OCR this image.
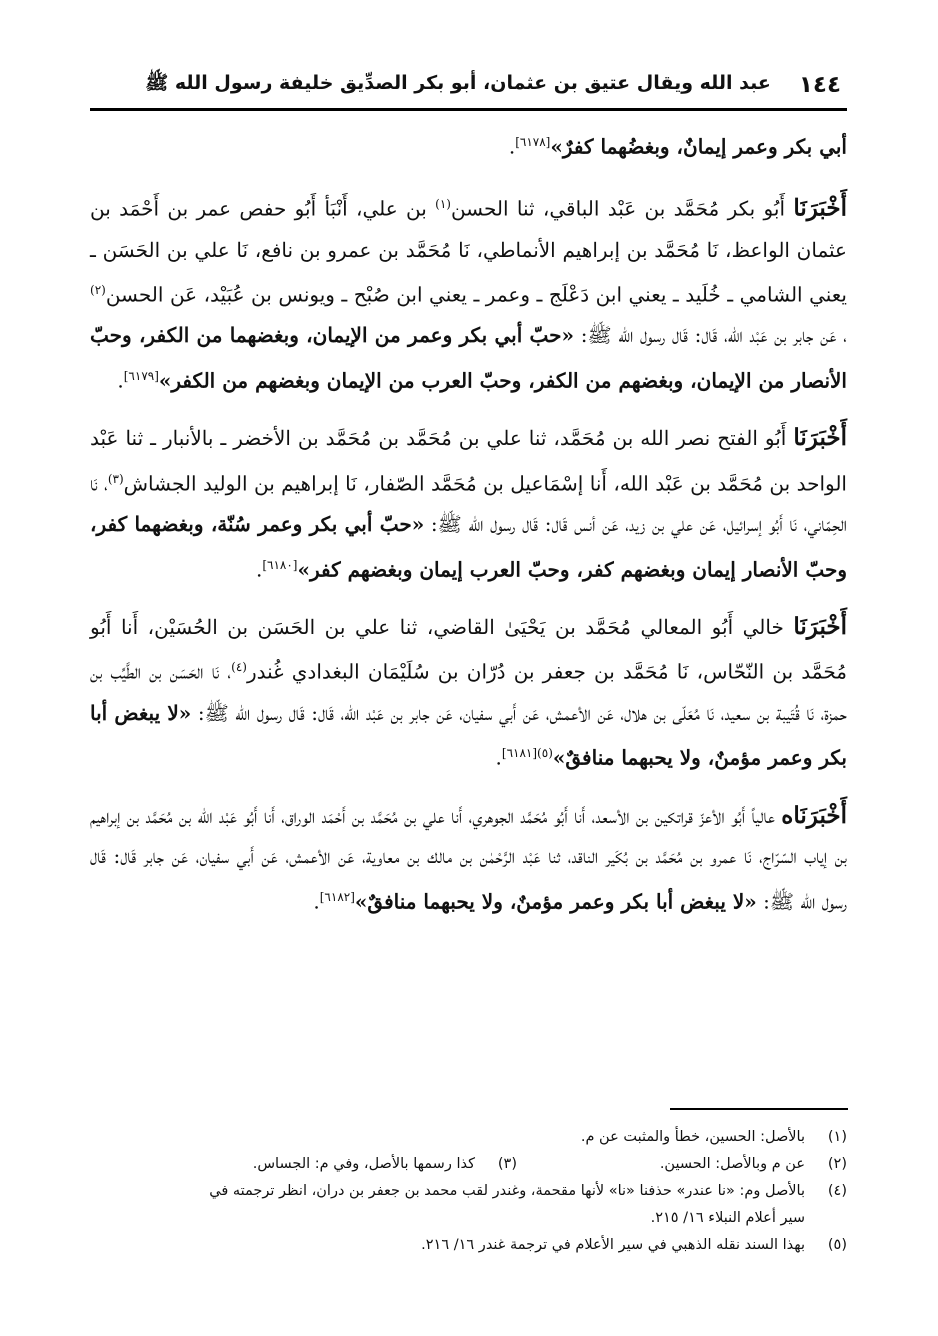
١٤٤
عبد الله ويقال عتيق بن عثمان، أبو بكر الصدِّيق خليفة رسول الله ﷺ

أبي بكر وعمر إيمانٌ، وبغضُهما كفرٌ»[٦١٧٨].

أَخْبَرَنَا أَبُو بكر مُحَمَّد بن عَبْد الباقي، ثنا الحسن$^{(١)}$ بن علي، أَنْبَأ أَبُو حفص عمر بن أَحْمَد بن عثمان الواعظ، نَا مُحَمَّد بن إبراهيم الأنماطي، نَا مُحَمَّد بن عمرو بن نافع، نَا علي بن الحَسَن ـ يعني الشامي ـ خُلَيد ـ يعني ابن دَعْلَج ـ وعمر ـ يعني ابن صُبْح ـ ويونس بن عُبَيْد، عَن الحسن$^{(٢)}$ ، عَن جابر بن عَبْد الله، قَال: قَال رسول الله ﷺ: «حبّ أبي بكر وعمر من الإيمان، وبغضهما من الكفر، وحبّ الأنصار من الإيمان، وبغضهم من الكفر، وحبّ العرب من الإيمان وبغضهم من الكفر»[٦١٧٩].

أَخْبَرَنَا أَبُو الفتح نصر الله بن مُحَمَّد، ثنا علي بن مُحَمَّد بن مُحَمَّد بن الأخضر ـ بالأنبار ـ ثنا عَبْد الواحد بن مُحَمَّد بن عَبْد الله، أَنا إسْمَاعيل بن مُحَمَّد الصّفار، نَا إبراهيم بن الوليد الجشاش$^{(٣)}$، نَا الحِمّاني، نَا أَبُو إسرائيل، عَن علي بن زيد، عَن أنس قَال: قَال رسول الله ﷺ: «حبّ أبي بكر وعمر سُنّة، وبغضهما كفر، وحبّ الأنصار إيمان وبغضهم كفر، وحبّ العرب إيمان وبغضهم كفر»[٦١٨٠].

أَخْبَرَنَا خالي أَبُو المعالي مُحَمَّد بن يَحْيَىٰ القاضي، ثنا علي بن الحَسَن بن الحُسَيْن، أَنا أَبُو مُحَمَّد بن النّحّاس، نَا مُحَمَّد بن جعفر بن دُرّان بن سُلَيْمَان البغدادي غُندر$^{(٤)}$، نَا الحَسَن بن الطَّيِّب بن حمزة، نَا قُتَيبة بن سعيد، نَا مُعَلّى بن هلال، عَن الأعمش، عَن أَبي سفيان، عَن جابر بن عَبْد الله، قَال: قَال رسول الله ﷺ: «لا يبغض أبا بكر وعمر مؤمنٌ، ولا يحبهما منافقٌ»$^{(٥)[٦١٨١]}$.

أَخْبَرَنَاه عالياً أَبُو الأعزّ قراتكين بن الأسعد، أَنا أَبُو مُحَمَّد الجوهري، أَنا علي بن مُحَمَّد بن أَحْمَد الوراق، أَنا أَبُو عَبْد الله بن مُحَمَّد بن إبراهيم بن إياب السّرّاج، نَا عمرو بن مُحَمَّد بن بُكَير الناقد، ثنا عَبْد الرَّحْمٰن بن مالك بن معاوية، عَن الأعمش، عَن أَبي سفيان، عَن جابر قَال: قَال رسول الله ﷺ: «لا يبغض أبا بكر وعمر مؤمنٌ، ولا يحبهما منافقٌ»[٦١٨٢].

(١)
بالأصل: الحسين، خطأ والمثبت عن م.
(٢)
عن م وبالأصل: الحسين.
(٣)
كذا رسمها بالأصل، وفي م: الجساس.
(٤)
بالأصل وم: «نا عندر» حذفنا «نا» لأنها مقحمة، وغندر لقب محمد بن جعفر بن دران، انظر ترجمته في
سير أعلام النبلاء ١٦/ ٢١٥.
(٥)
بهذا السند نقله الذهبي في سير الأعلام في ترجمة غندر ١٦/ ٢١٦.
